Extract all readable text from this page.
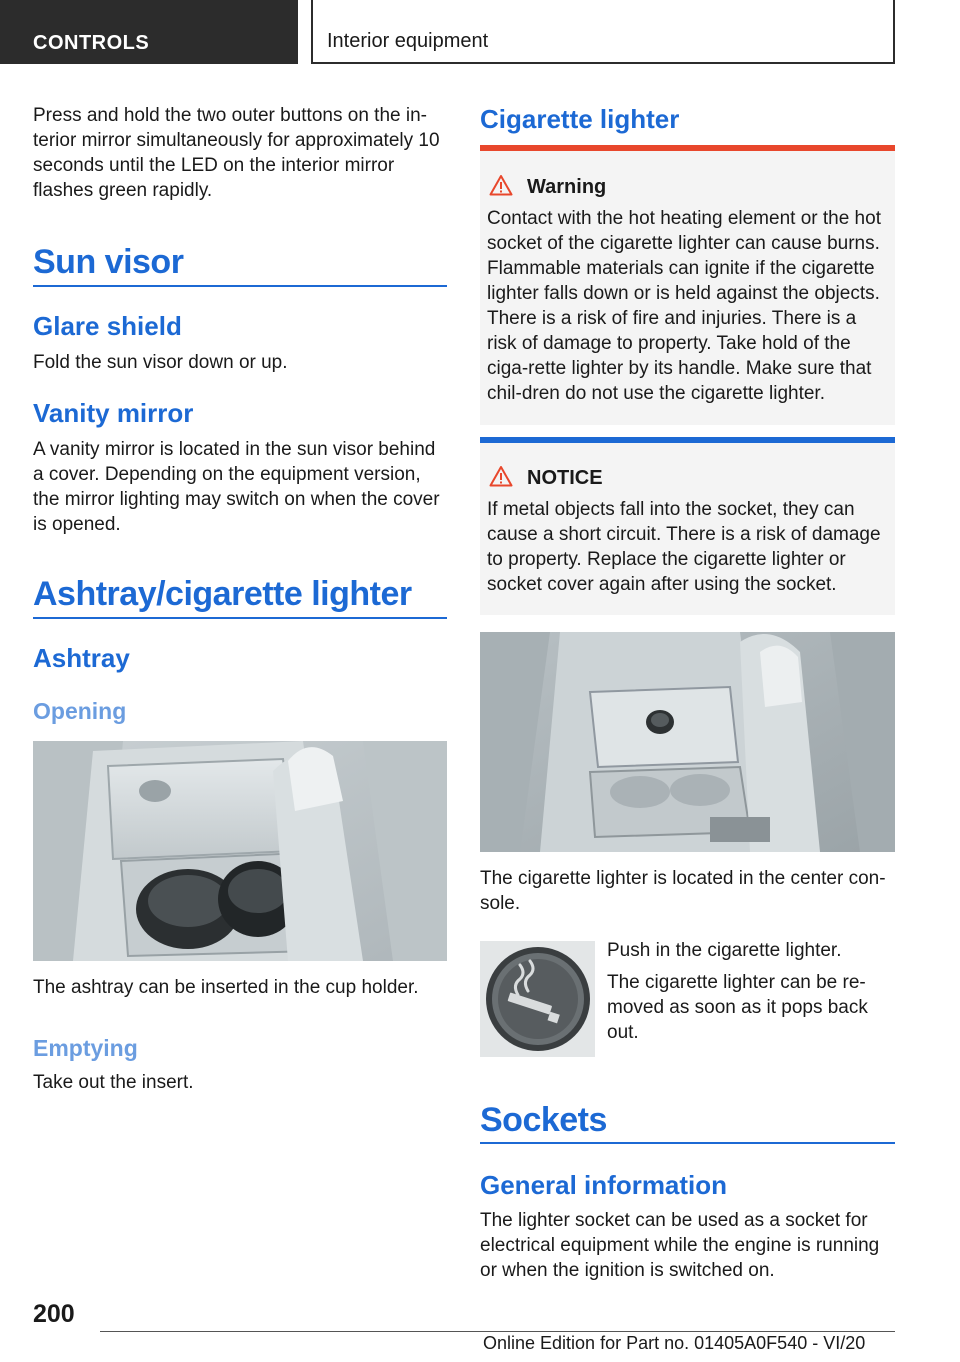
CONTROLS	Interior equipment
Press and hold the two outer buttons on the in-terior mirror simultaneously for approximately 10 seconds until the LED on the interior mirror flashes green rapidly.
Sun visor
Glare shield
Fold the sun visor down or up.
Vanity mirror
A vanity mirror is located in the sun visor behind a cover. Depending on the equipment version, the mirror lighting may switch on when the cover is opened.
Ashtray/cigarette lighter
Ashtray
Opening
The ashtray can be inserted in the cup holder.
Emptying
Take out the insert.
Cigarette lighter
Warning
Contact with the hot heating element or the hot socket of the cigarette lighter can cause burns. Flammable materials can ignite if the cigarette lighter falls down or is held against the objects. There is a risk of fire and injuries. There is a risk of damage to property. Take hold of the ciga-rette lighter by its handle. Make sure that chil-dren do not use the cigarette lighter.
NOTICE
If metal objects fall into the socket, they can cause a short circuit. There is a risk of damage to property. Replace the cigarette lighter or socket cover again after using the socket.
The cigarette lighter is located in the center con-sole.
Push in the cigarette lighter.
The cigarette lighter can be re-moved as soon as it pops back out.
Sockets
General information
The lighter socket can be used as a socket for electrical equipment while the engine is running or when the ignition is switched on.
200
Online Edition for Part no. 01405A0F540 - VI/20
